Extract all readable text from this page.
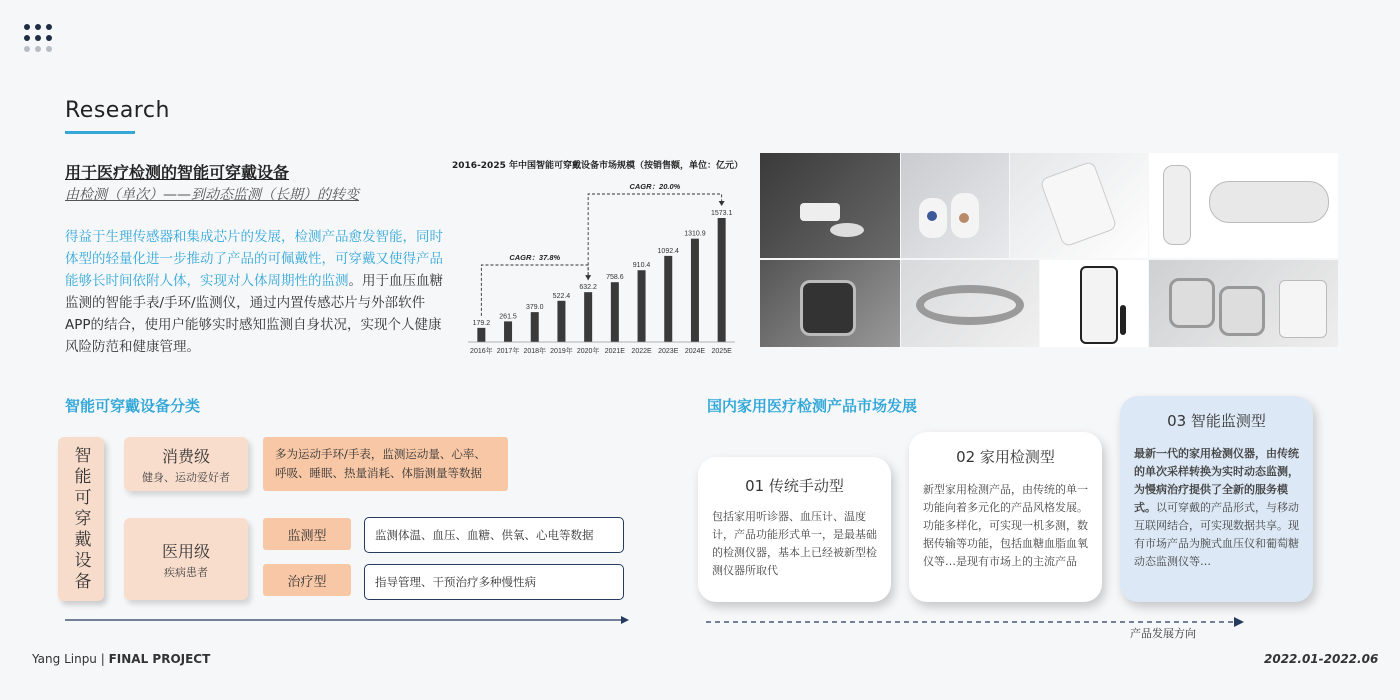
Research
用于医疗检测的智能可穿戴设备
由检测（单次）——到动态监测（长期）的转变
得益于生理传感器和集成芯片的发展，检测产品愈发智能，同时体型的轻量化进一步推动了产品的可佩戴性，可穿戴又使得产品能够长时间依附人体，实现对人体周期性的监测。用于血压血糖监测的智能手表/手环/监测仪，通过内置传感芯片与外部软件APP的结合，使用户能够实时感知监测自身状况，实现个人健康风险防范和健康管理。
2016-2025 年中国智能可穿戴设备市场规模（按销售额，单位：亿元）
179.2
2016年
261.5
2017年
379.0
2018年
522.4
2019年
632.2
2020年
758.6
2021E
910.4
2022E
1092.4
2023E
1310.9
2024E
1573.1
2025E
CAGR：37.8%
CAGR：20.0%
智能可穿戴设备分类
智能可穿戴设备	消费级
健身、运动爱好者
多为运动手环/手表，监测运动量、心率、呼吸、睡眠、热量消耗、体脂测量等数据
医用级
疾病患者
监测型	监测体温、血压、血糖、供氧、心电等数据
治疗型	指导管理、干预治疗多种慢性病
国内家用医疗检测产品市场发展
01 传统手动型
包括家用听诊器、血压计、温度计，产品功能形式单一，是最基础的检测仪器，基本上已经被新型检测仪器所取代
02 家用检测型
新型家用检测产品，由传统的单一功能向着多元化的产品风格发展。功能多样化，可实现一机多测，数据传输等功能，包括血糖血脂血氧仪等…是现有市场上的主流产品
03 智能监测型
最新一代的家用检测仪器，由传统的单次采样转换为实时动态监测，为慢病治疗提供了全新的服务模式。以可穿戴的产品形式，与移动互联网结合，可实现数据共享。现有市场产品为腕式血压仪和葡萄糖动态监测仪等…
产品发展方向
Yang Linpu | FINAL PROJECT	2022.01-2022.06
